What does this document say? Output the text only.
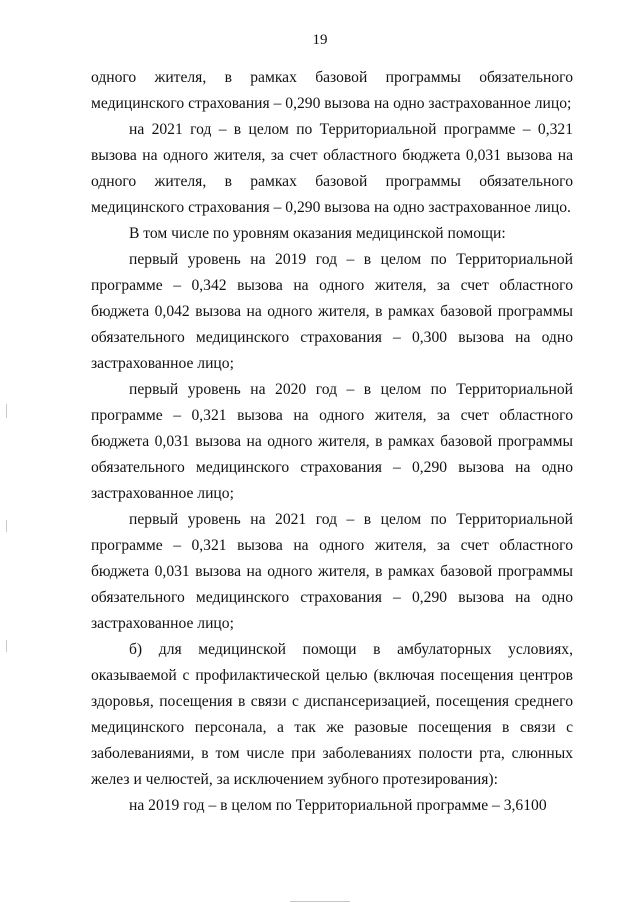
19

одного жителя, в рамках базовой программы обязательного медицинского страхования – 0,290 вызова на одно застрахованное лицо;

на 2021 год – в целом по Территориальной программе – 0,321 вызова на одного жителя, за счет областного бюджета 0,031 вызова на одного жителя, в рамках базовой программы обязательного медицинского страхования – 0,290 вызова на одно застрахованное лицо.

В том числе по уровням оказания медицинской помощи:

первый уровень на 2019 год – в целом по Территориальной программе – 0,342 вызова на одного жителя, за счет областного бюджета 0,042 вызова на одного жителя, в рамках базовой программы обязательного медицинского страхования – 0,300 вызова на одно застрахованное лицо;

первый уровень на 2020 год – в целом по Территориальной программе – 0,321 вызова на одного жителя, за счет областного бюджета 0,031 вызова на одного жителя, в рамках базовой программы обязательного медицинского страхования – 0,290 вызова на одно застрахованное лицо;

первый уровень на 2021 год – в целом по Территориальной программе – 0,321 вызова на одного жителя, за счет областного бюджета 0,031 вызова на одного жителя, в рамках базовой программы обязательного медицинского страхования – 0,290 вызова на одно застрахованное лицо;

б) для медицинской помощи в амбулаторных условиях, оказываемой с профилактической целью (включая посещения центров здоровья, посещения в связи с диспансеризацией, посещения среднего медицинского персонала, а так же разовые посещения в связи с заболеваниями, в том числе при заболеваниях полости рта, слюнных желез и челюстей, за исключением зубного протезирования):

на 2019 год – в целом по Территориальной программе – 3,6100
